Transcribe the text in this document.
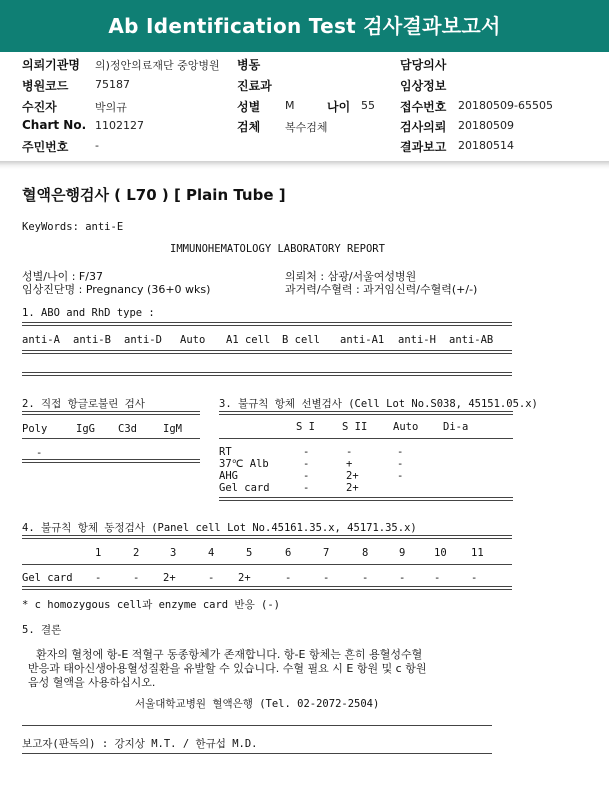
Ab Identification Test 검사결과보고서
의뢰기관명 의)정안의료재단 중앙병원 병동	담당의사
병원코드 75187	진료과	임상정보
수진자	박의규	성별 M	나이 55 접수번호 20180509-65505
Chart No. 1102127	검체 복수검체	검사의뢰 20180509
주민번호 -	결과보고 20180514
혈액은행검사 ( L70 ) [ Plain Tube ]
KeyWords: anti-E
IMMUNOHEMATOLOGY LABORATORY REPORT
성별/나이 : F/37
임상진단명 : Pregnancy (36+0 wks)
의뢰처 : 삼광/서울여성병원
과거력/수혈력 : 과거임신력/수혈력(+/-)
1. ABO and RhD type :
anti-A anti-B anti-D Auto A1 cell B cell anti-A1 anti-H anti-AB
2. 직접 항글로불린 검사
Poly	IgG C3d IgM
-
3. 불규칙 항체 선별검사 (Cell Lot No.S038, 45151.05.x)
S I	S II Auto Di-a
RT	-	-	-
37℃ Alb	-	+	-
AHG	-	2+	-
Gel card	-	2+
4. 불규칙 항체 동정검사 (Panel cell Lot No.45161.35.x, 45171.35.x)
1	2	3	4	5	6	7	8	9	10 11
Gel card -	- 2+	- 2+	-	-	-	-	-	-
* c homozygous cell과 enzyme card 반응 (-)
5. 결론
환자의 혈청에 항-E 적혈구 동종항체가 존재합니다. 항-E 항체는 흔히 용혈성수혈
반응과 태아신생아용혈성질환을 유발할 수 있습니다. 수혈 필요 시 E 항원 및 c 항원
음성 혈액을 사용하십시오.
서울대학교병원 혈액은행 (Tel. 02-2072-2504)
보고자(판독의) : 강지상 M.T. / 한규섭 M.D.
